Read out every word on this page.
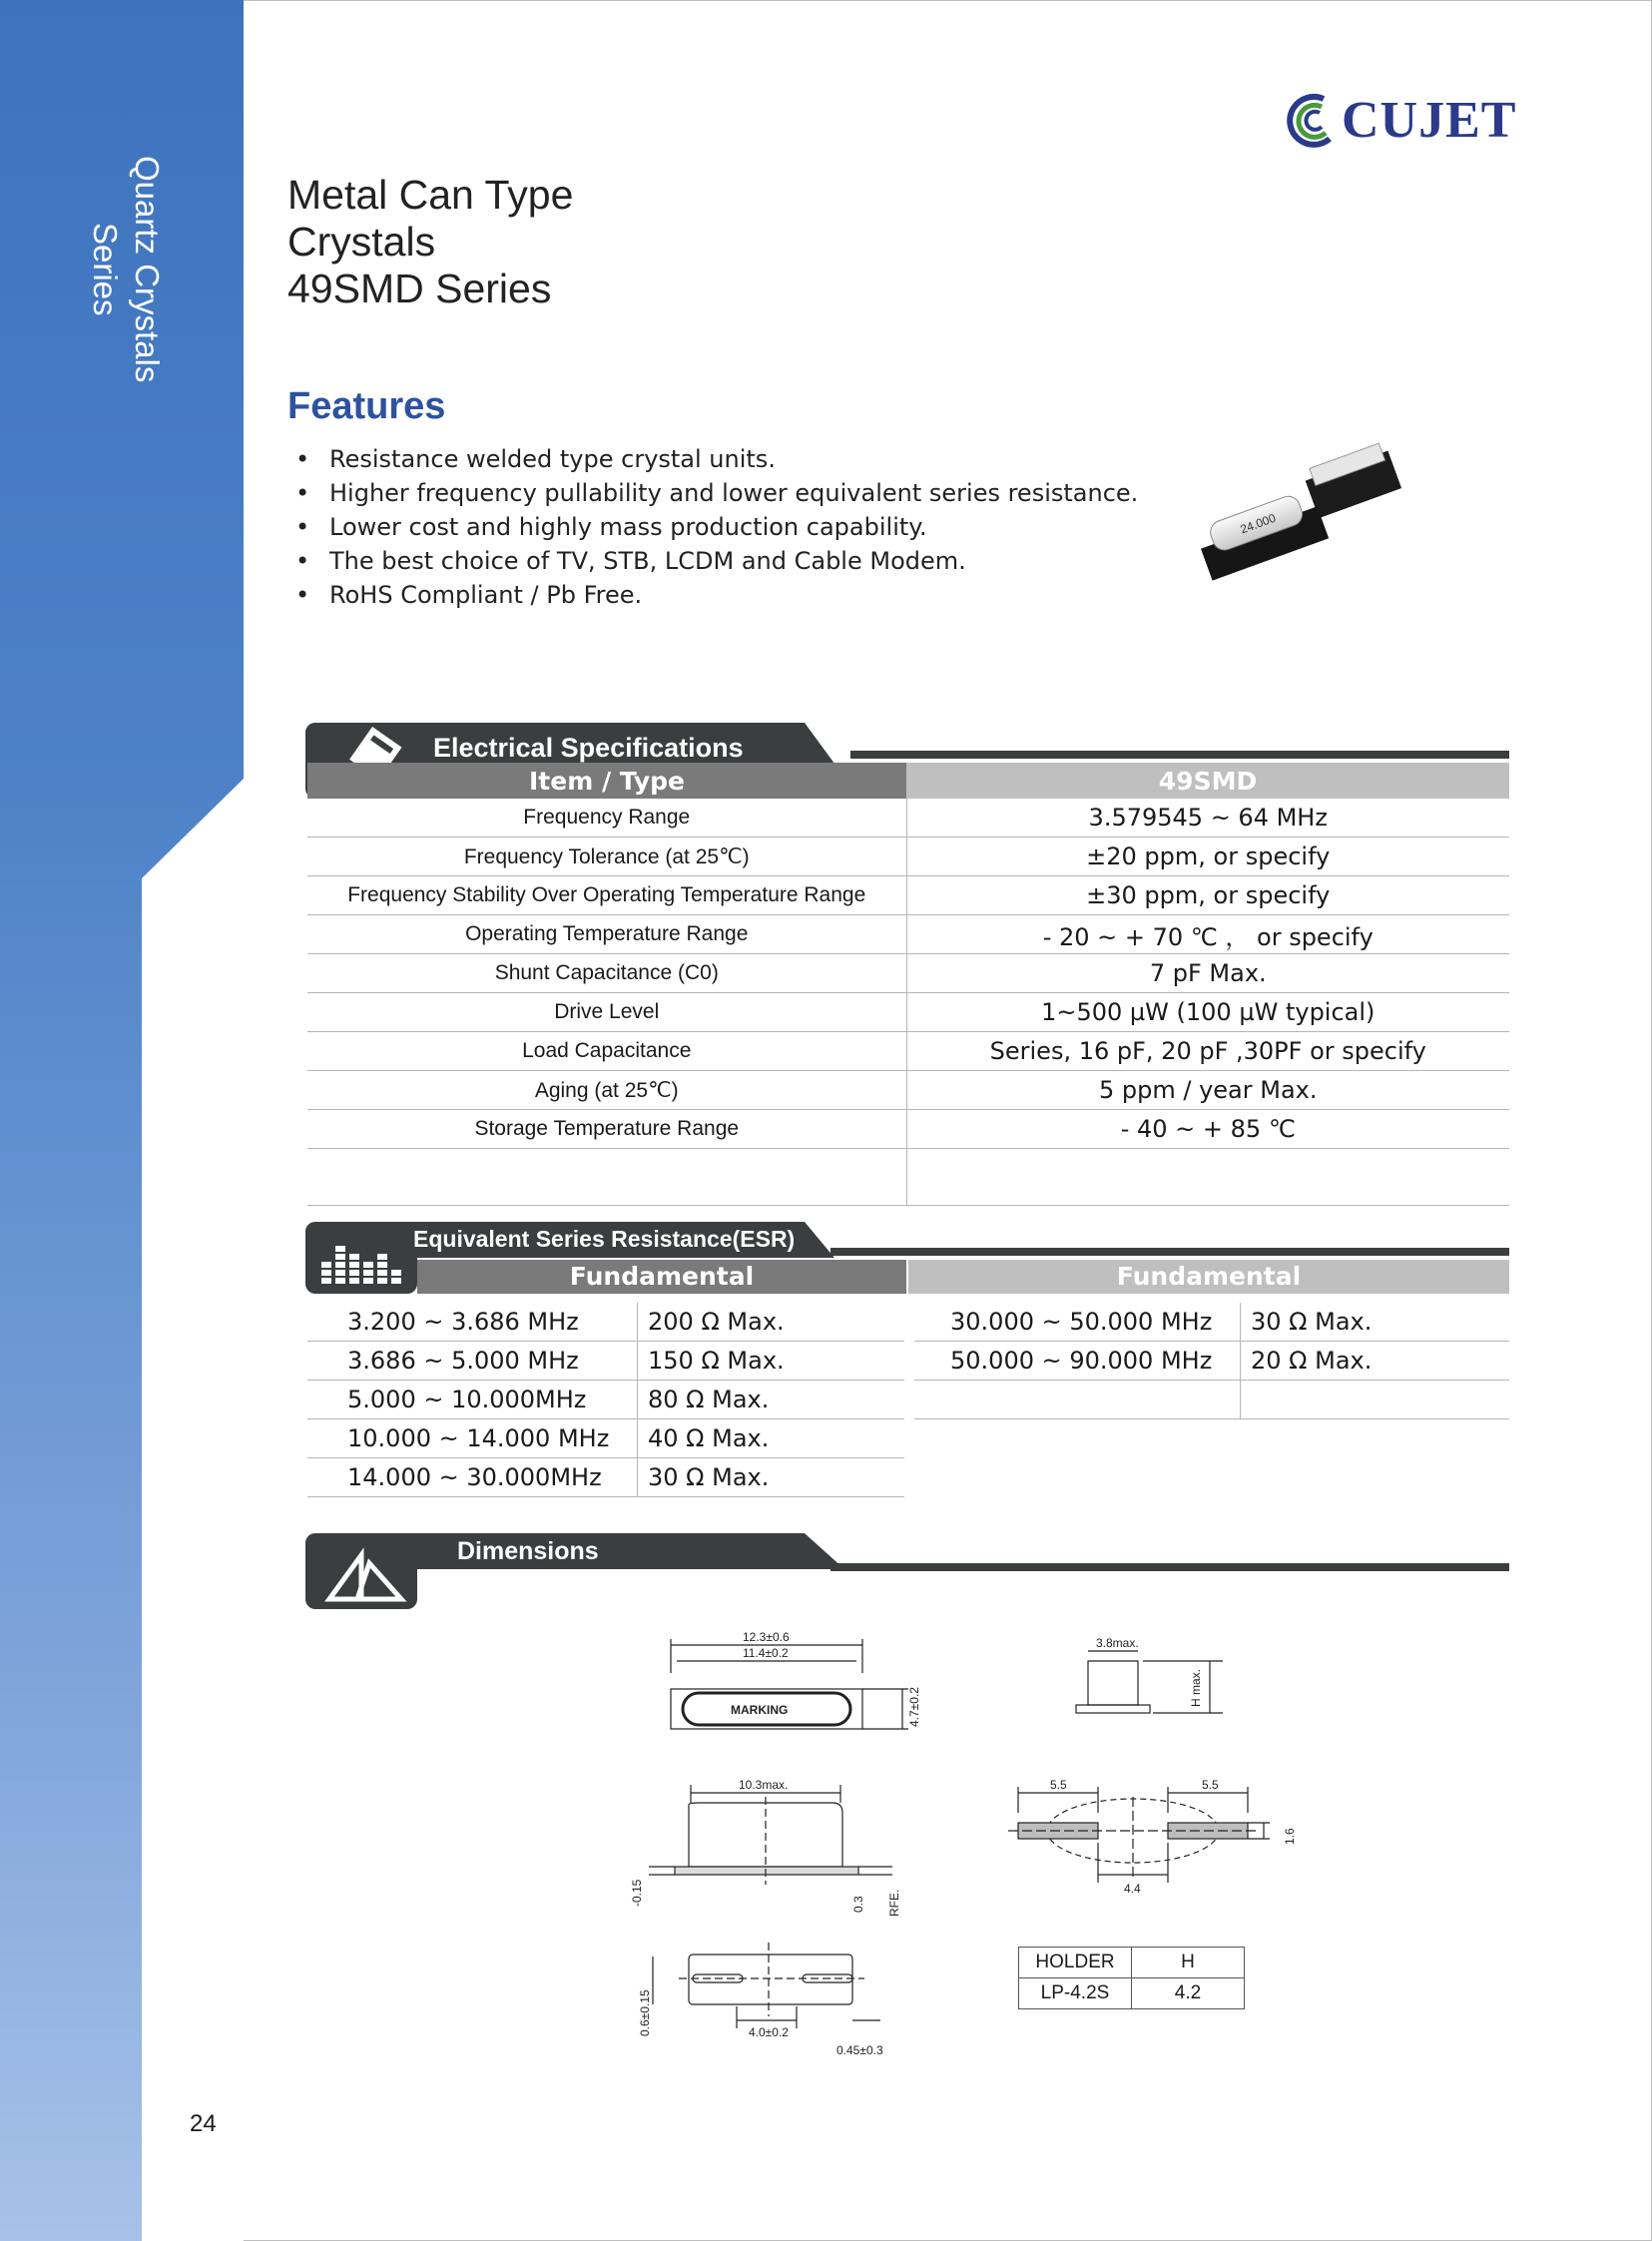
Quartz Crystals
Series
24
CUJET
Metal Can Type
Crystals
49SMD Series
Features
• Resistance welded type crystal units.
• Higher frequency pullability and lower equivalent series resistance.
• Lower cost and highly mass production capability.
• The best choice of TV, STB, LCDM and Cable Modem.
• RoHS Compliant / Pb Free.
24.000
Electrical Specifications
Item / Type	49SMD
Frequency Range	3.579545 ~ 64 MHz
Frequency Tolerance (at 25℃)	±20 ppm, or specify
Frequency Stability Over Operating Temperature Range	±30 ppm, or specify
Operating Temperature Range	- 20 ~ + 70 ℃ ， or specify
Shunt Capacitance (C0)	7 pF Max.
Drive Level	1~500 µW (100 µW typical)
Load Capacitance	Series, 16 pF, 20 pF ,30PF or specify
Aging (at 25℃)	5 ppm / year Max.
Storage Temperature Range	- 40 ~ + 85 ℃

Equivalent Series Resistance(ESR)
Fundamental	Fundamental
3.200 ~ 3.686 MHz	200 Ω Max.
3.686 ~ 5.000 MHz	150 Ω Max.
5.000 ~ 10.000MHz	80 Ω Max.
10.000 ~ 14.000 MHz	40 Ω Max.
14.000 ~ 30.000MHz	30 Ω Max.
30.000 ~ 50.000 MHz	30 Ω Max.
50.000 ~ 90.000 MHz	20 Ω Max.

Dimensions
12.3±0.6
11.4±0.2
MARKING	4.7±0.2
10.3max.
-0.15	0.3 RFE.
0.6±0.15	4.0±0.2
0.45±0.3
3.8max.
H max.
5.5	5.5
1.6
4.4
HOLDER	H
LP-4.2S	4.2
